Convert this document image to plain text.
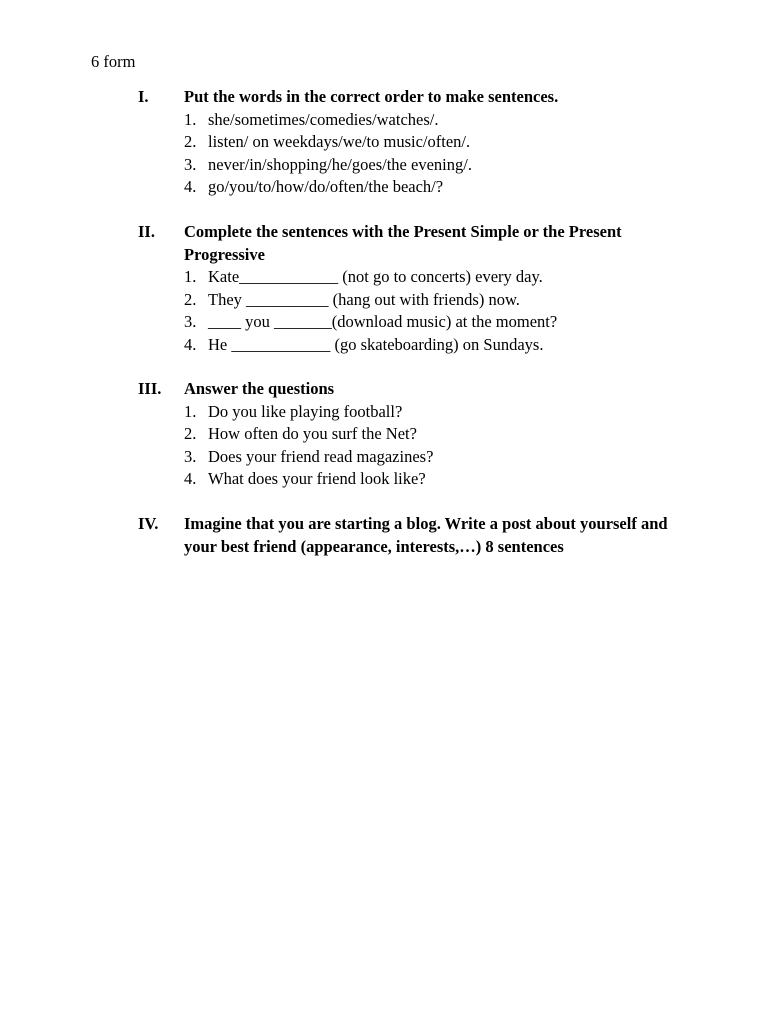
6 form
I.	Put the words in the correct order to make sentences.
1. she/sometimes/comedies/watches/.
2. listen/ on weekdays/we/to music/often/.
3. never/in/shopping/he/goes/the evening/.
4. go/you/to/how/do/often/the beach/?
II.	Complete the sentences with the Present Simple or the Present Progressive
1. Kate____________ (not go to concerts) every day.
2. They __________ (hang out with friends) now.
3. ____ you _______(download music) at the moment?
4. He ____________ (go skateboarding) on Sundays.
III.	Answer the questions
1. Do you like playing football?
2. How often do you surf the Net?
3. Does your friend read magazines?
4. What does your friend look like?
IV.	Imagine that you are starting a blog. Write a post about yourself and your best friend (appearance, interests,…) 8 sentences
